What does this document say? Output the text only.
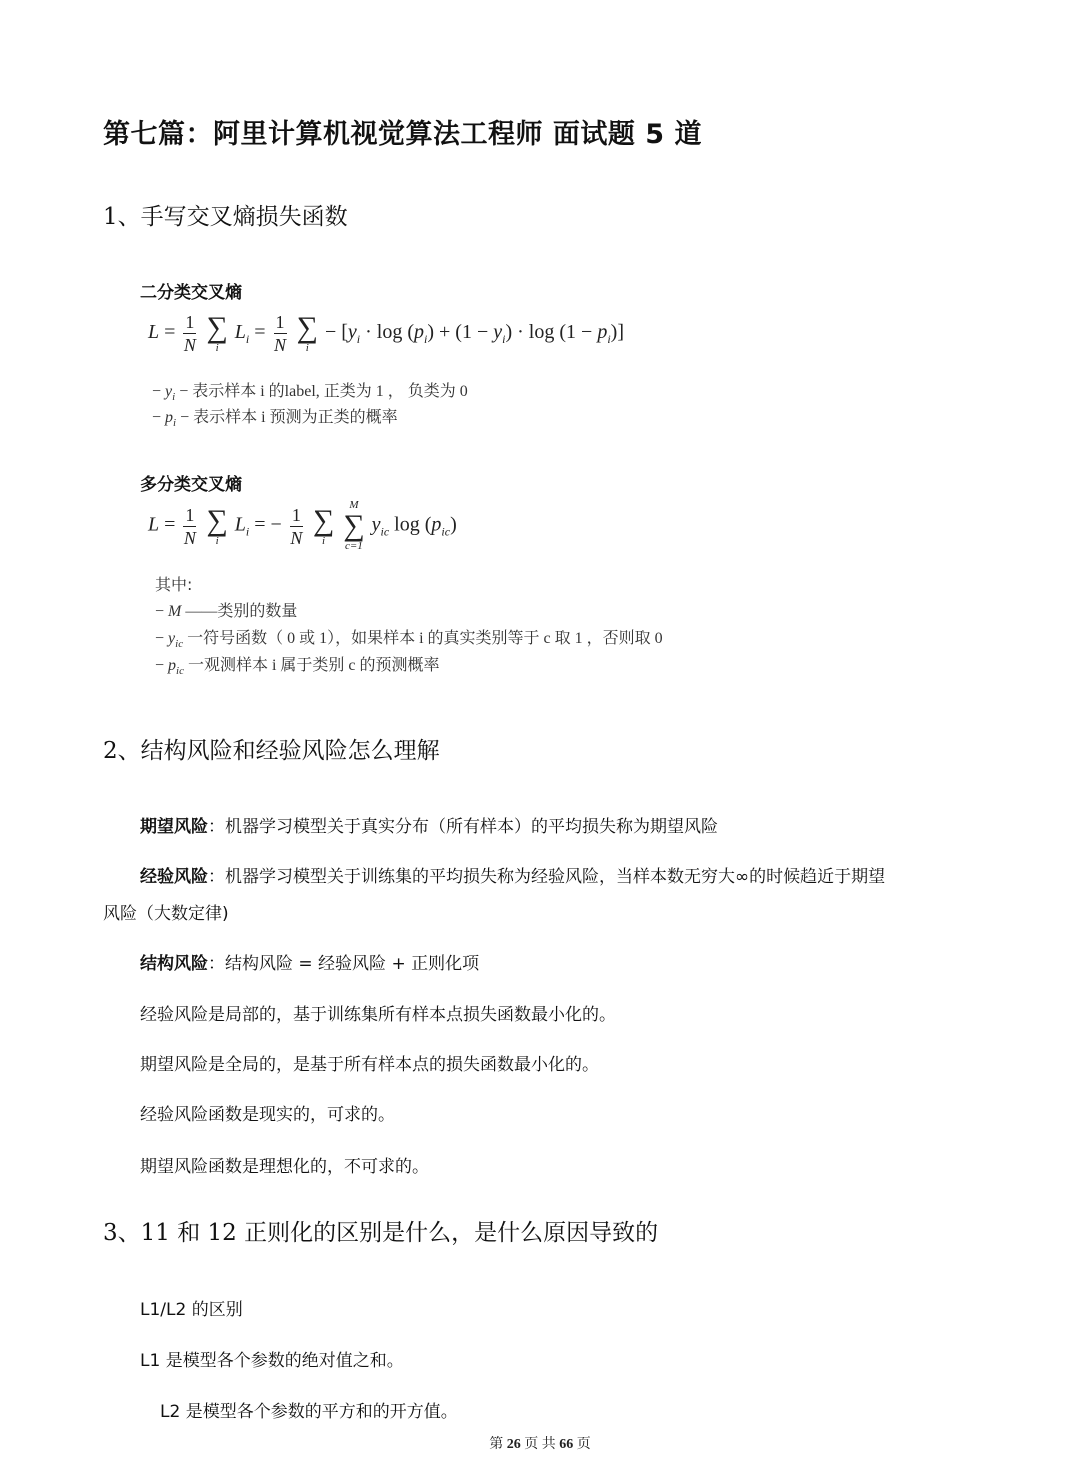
第七篇：阿里计算机视觉算法工程师 面试题 5 道
1、手写交叉熵损失函数
二分类交叉熵
$L = \frac{1}{N}$
∑
i
$L_i = \frac{1}{N}$
∑
i
− $[y_i \cdot \log (p_i) + (1 - y_i) \cdot \log (1 - p_i)]$
− $y_i$ − 表示样本 i 的label, 正类为 1 ， 负类为 0
− $p_i$ − 表示样本 i 预测为正类的概率
多分类交叉熵
$L = \frac{1}{N}$
∑
i
$L_i$ = − $\frac{1}{N}$
∑
i

M
∑
c=1
$y_{ic}$ $\log (p_{ic})$
其中:
− M ——类别的数量
− $y_{ic}$ 一符号函数（ 0 或 1），如果样本 i 的真实类别等于 c 取 1 ，否则取 0
− $p_{ic}$ 一观测样本 i 属于类别 c 的预测概率
2、结构风险和经验风险怎么理解
期望风险：机器学习模型关于真实分布（所有样本）的平均损失称为期望风险
经验风险：机器学习模型关于训练集的平均损失称为经验风险，当样本数无穷大∞的时候趋近于期望
风险（大数定律)
结构风险：结构风险 = 经验风险 + 正则化项
经验风险是局部的，基于训练集所有样本点损失函数最小化的。
期望风险是全局的，是基于所有样本点的损失函数最小化的。
经验风险函数是现实的，可求的。
期望风险函数是理想化的，不可求的。
3、11 和 12 正则化的区别是什么，是什么原因导致的
L1/L2 的区别
L1 是模型各个参数的绝对值之和。
L2 是模型各个参数的平方和的开方值。
第 26 页 共 66 页
